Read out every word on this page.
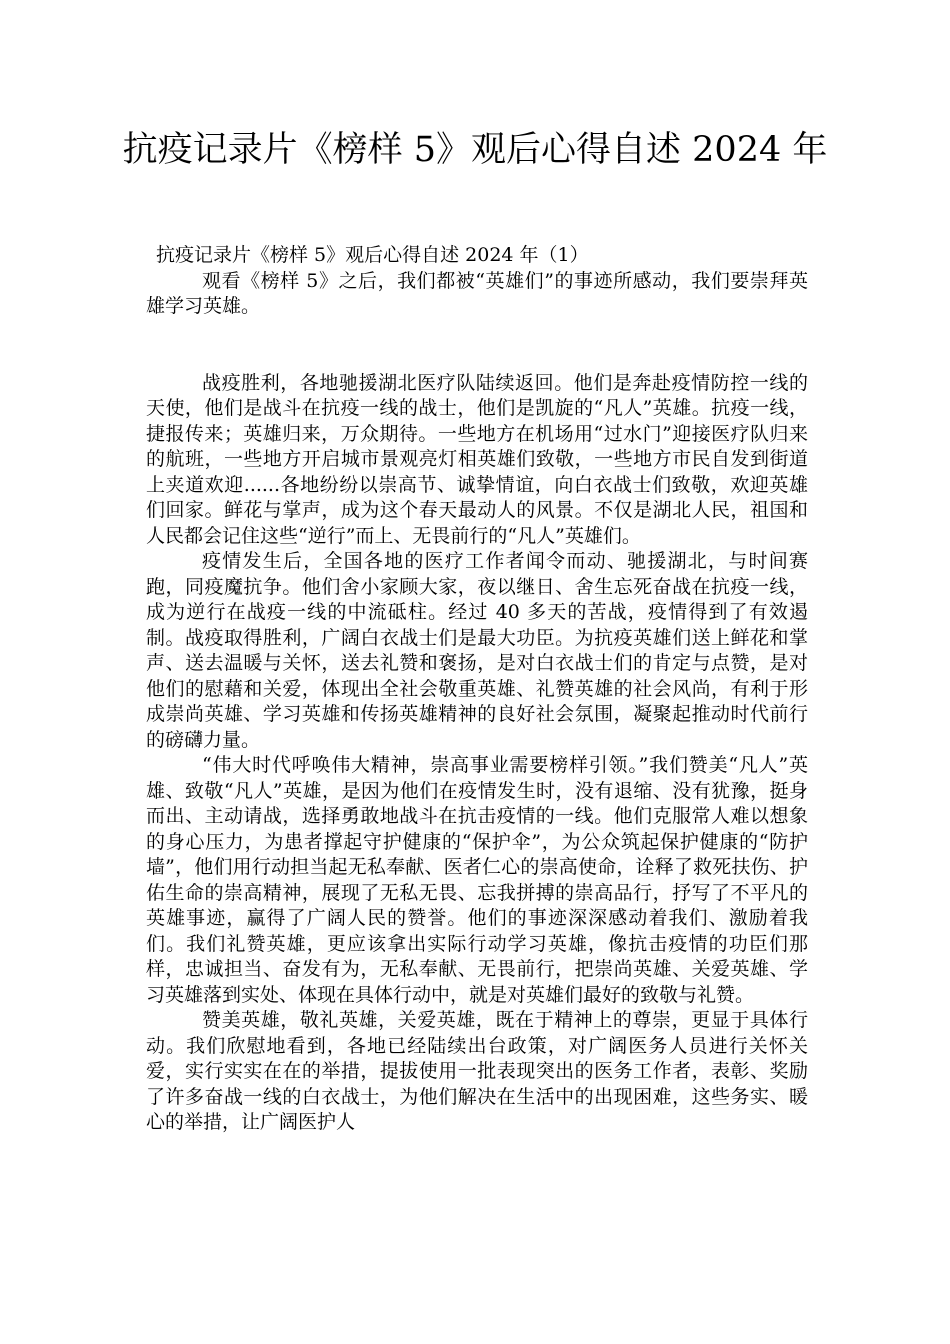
抗疫记录片《榜样 5》观后心得自述 2024 年

抗疫记录片《榜样 5》观后心得自述 2024 年（1）

观看《榜样 5》之后，我们都被“英雄们”的事迹所感动，我们要崇拜英雄学习英雄。

战疫胜利，各地驰援湖北医疗队陆续返回。他们是奔赴疫情防控一线的天使，他们是战斗在抗疫一线的战士，他们是凯旋的“凡人”英雄。抗疫一线，捷报传来；英雄归来，万众期待。一些地方在机场用“过水门”迎接医疗队归来的航班，一些地方开启城市景观亮灯相英雄们致敬，一些地方市民自发到街道上夹道欢迎......各地纷纷以崇高节、诚挚情谊，向白衣战士们致敬，欢迎英雄们回家。鲜花与掌声，成为这个春天最动人的风景。不仅是湖北人民，祖国和人民都会记住这些“逆行”而上、无畏前行的“凡人”英雄们。

疫情发生后，全国各地的医疗工作者闻令而动、驰援湖北，与时间赛跑，同疫魔抗争。他们舍小家顾大家，夜以继日、舍生忘死奋战在抗疫一线，成为逆行在战疫一线的中流砥柱。经过 40 多天的苦战，疫情得到了有效遏制。战疫取得胜利，广阔白衣战士们是最大功臣。为抗疫英雄们送上鲜花和掌声、送去温暖与关怀，送去礼赞和褒扬，是对白衣战士们的肯定与点赞，是对他们的慰藉和关爱，体现出全社会敬重英雄、礼赞英雄的社会风尚，有利于形成崇尚英雄、学习英雄和传扬英雄精神的良好社会氛围，凝聚起推动时代前行的磅礴力量。

“伟大时代呼唤伟大精神，崇高事业需要榜样引领。”我们赞美“凡人”英雄、致敬“凡人”英雄，是因为他们在疫情发生时，没有退缩、没有犹豫，挺身而出、主动请战，选择勇敢地战斗在抗击疫情的一线。他们克服常人难以想象的身心压力，为患者撑起守护健康的“保护伞”，为公众筑起保护健康的“防护墙”，他们用行动担当起无私奉献、医者仁心的崇高使命，诠释了救死扶伤、护佑生命的崇高精神，展现了无私无畏、忘我拼搏的崇高品行，抒写了不平凡的英雄事迹，赢得了广阔人民的赞誉。他们的事迹深深感动着我们、激励着我们。我们礼赞英雄，更应该拿出实际行动学习英雄，像抗击疫情的功臣们那样，忠诚担当、奋发有为，无私奉献、无畏前行，把崇尚英雄、关爱英雄、学习英雄落到实处、体现在具体行动中，就是对英雄们最好的致敬与礼赞。

赞美英雄，敬礼英雄，关爱英雄，既在于精神上的尊崇，更显于具体行动。我们欣慰地看到，各地已经陆续出台政策，对广阔医务人员进行关怀关爱，实行实实在在的举措，提拔使用一批表现突出的医务工作者，表彰、奖励了许多奋战一线的白衣战士，为他们解决在生活中的出现困难，这些务实、暖心的举措，让广阔医护人
